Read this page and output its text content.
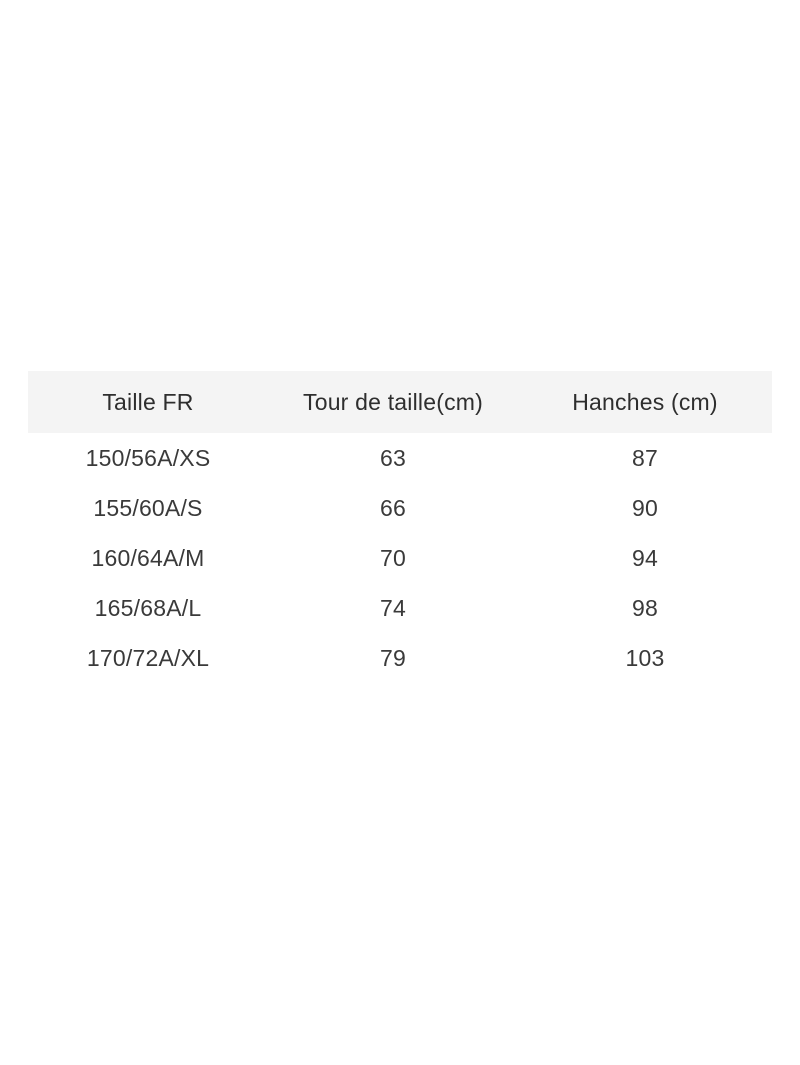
Taille FR	Tour de taille(cm)	Hanches (cm)
150/56A/XS	63	87
155/60A/S	66	90
160/64A/M	70	94
165/68A/L	74	98
170/72A/XL	79	103
